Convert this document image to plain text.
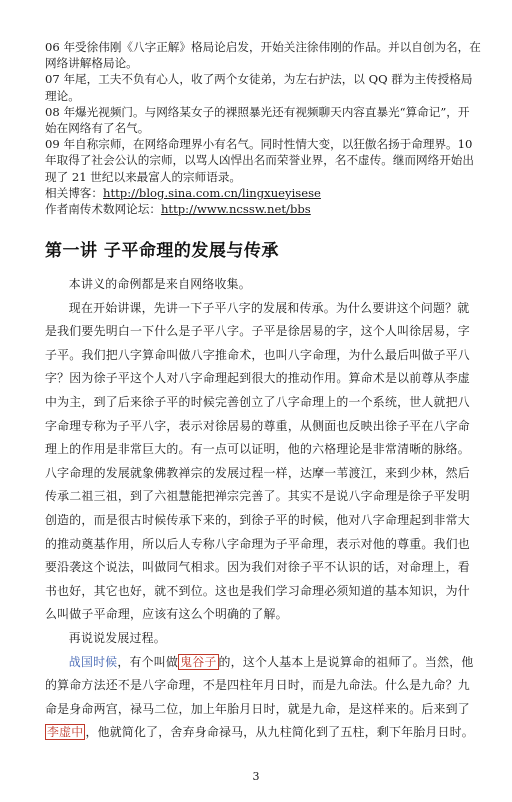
06 年受徐伟刚《八字正解》格局论启发，开始关注徐伟刚的作品。并以自创为名，在网络讲解格局论。

07 年尾，工夫不负有心人，收了两个女徒弟，为左右护法，以 QQ 群为主传授格局理论。

08 年爆光视频门。与网络某女子的裸照暴光还有视频聊天内容直暴光“算命记”，开始在网络有了名气。

09 年自称宗师，在网络命理界小有名气。同时性情大变，以狂傲名扬于命理界。10 年取得了社会公认的宗师，以骂人凶悍出名而荣誉业界，名不虚传。继而网络开始出现了 21 世纪以来最富人的宗师语录。

相关博客：http://blog.sina.com.cn/lingxueyisese

作者南传术数网论坛：http://www.ncssw.net/bbs

第一讲 子平命理的发展与传承

本讲义的命例都是来自网络收集。

现在开始讲课，先讲一下子平八字的发展和传承。为什么要讲这个问题？就是我们要先明白一下什么是子平八字。子平是徐居易的字，这个人叫徐居易，字子平。我们把八字算命叫做八字推命术，也叫八字命理，为什么最后叫做子平八字？因为徐子平这个人对八字命理起到很大的推动作用。算命术是以前尊从李虚中为主，到了后来徐子平的时候完善创立了八字命理上的一个系统，世人就把八字命理专称为子平八字，表示对徐居易的尊重，从侧面也反映出徐子平在八字命理上的作用是非常巨大的。有一点可以证明，他的六格理论是非常清晰的脉络。八字命理的发展就象佛教禅宗的发展过程一样，达摩一苇渡江，来到少林，然后传承二祖三祖，到了六祖慧能把禅宗完善了。其实不是说八字命理是徐子平发明创造的，而是很古时候传承下来的，到徐子平的时候，他对八字命理起到非常大的推动奠基作用，所以后人专称八字命理为子平命理，表示对他的尊重。我们也要沿袭这个说法，叫做同气相求。因为我们对徐子平不认识的话，对命理上，看书也好，其它也好，就不到位。这也是我们学习命理必须知道的基本知识，为什么叫做子平命理，应该有这么个明确的了解。

再说说发展过程。

战国时候，有个叫做 鬼谷子 的，这个人基本上是说算命的祖师了。当然，他的算命方法还不是八字命理，不是四柱年月日时，而是九命法。什么是九命？九命是身命两宫，禄马二位，加上年胎月日时，就是九命，是这样来的。后来到了李虚中 ，他就简化了，舍弃身命禄马，从九柱简化到了五柱，剩下年胎月日时。

3
